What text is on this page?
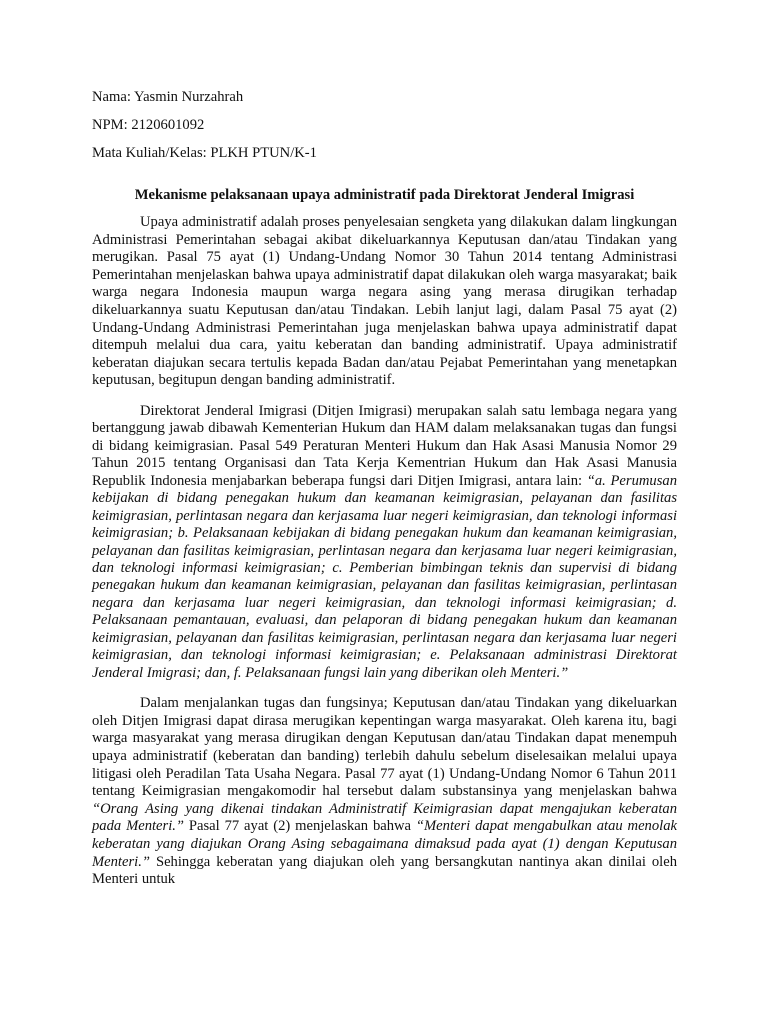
Nama: Yasmin Nurzahrah

NPM: 2120601092

Mata Kuliah/Kelas: PLKH PTUN/K-1

Mekanisme pelaksanaan upaya administratif pada Direktorat Jenderal Imigrasi

Upaya administratif adalah proses penyelesaian sengketa yang dilakukan dalam lingkungan Administrasi Pemerintahan sebagai akibat dikeluarkannya Keputusan dan/atau Tindakan yang merugikan. Pasal 75 ayat (1) Undang-Undang Nomor 30 Tahun 2014 tentang Administrasi Pemerintahan menjelaskan bahwa upaya administratif dapat dilakukan oleh warga masyarakat; baik warga negara Indonesia maupun warga negara asing yang merasa dirugikan terhadap dikeluarkannya suatu Keputusan dan/atau Tindakan. Lebih lanjut lagi, dalam Pasal 75 ayat (2) Undang-Undang Administrasi Pemerintahan juga menjelaskan bahwa upaya administratif dapat ditempuh melalui dua cara, yaitu keberatan dan banding administratif. Upaya administratif keberatan diajukan secara tertulis kepada Badan dan/atau Pejabat Pemerintahan yang menetapkan keputusan, begitupun dengan banding administratif.

Direktorat Jenderal Imigrasi (Ditjen Imigrasi) merupakan salah satu lembaga negara yang bertanggung jawab dibawah Kementerian Hukum dan HAM dalam melaksanakan tugas dan fungsi di bidang keimigrasian. Pasal 549 Peraturan Menteri Hukum dan Hak Asasi Manusia Nomor 29 Tahun 2015 tentang Organisasi dan Tata Kerja Kementrian Hukum dan Hak Asasi Manusia Republik Indonesia menjabarkan beberapa fungsi dari Ditjen Imigrasi, antara lain: “a. Perumusan kebijakan di bidang penegakan hukum dan keamanan keimigrasian, pelayanan dan fasilitas keimigrasian, perlintasan negara dan kerjasama luar negeri keimigrasian, dan teknologi informasi keimigrasian; b. Pelaksanaan kebijakan di bidang penegakan hukum dan keamanan keimigrasian, pelayanan dan fasilitas keimigrasian, perlintasan negara dan kerjasama luar negeri keimigrasian, dan teknologi informasi keimigrasian; c. Pemberian bimbingan teknis dan supervisi di bidang penegakan hukum dan keamanan keimigrasian, pelayanan dan fasilitas keimigrasian, perlintasan negara dan kerjasama luar negeri keimigrasian, dan teknologi informasi keimigrasian; d. Pelaksanaan pemantauan, evaluasi, dan pelaporan di bidang penegakan hukum dan keamanan keimigrasian, pelayanan dan fasilitas keimigrasian, perlintasan negara dan kerjasama luar negeri keimigrasian, dan teknologi informasi keimigrasian; e. Pelaksanaan administrasi Direktorat Jenderal Imigrasi; dan, f. Pelaksanaan fungsi lain yang diberikan oleh Menteri.”

Dalam menjalankan tugas dan fungsinya; Keputusan dan/atau Tindakan yang dikeluarkan oleh Ditjen Imigrasi dapat dirasa merugikan kepentingan warga masyarakat. Oleh karena itu, bagi warga masyarakat yang merasa dirugikan dengan Keputusan dan/atau Tindakan dapat menempuh upaya administratif (keberatan dan banding) terlebih dahulu sebelum diselesaikan melalui upaya litigasi oleh Peradilan Tata Usaha Negara. Pasal 77 ayat (1) Undang-Undang Nomor 6 Tahun 2011 tentang Keimigrasian mengakomodir hal tersebut dalam substansinya yang menjelaskan bahwa “Orang Asing yang dikenai tindakan Administratif Keimigrasian dapat mengajukan keberatan pada Menteri.” Pasal 77 ayat (2) menjelaskan bahwa “Menteri dapat mengabulkan atau menolak keberatan yang diajukan Orang Asing sebagaimana dimaksud pada ayat (1) dengan Keputusan Menteri.” Sehingga keberatan yang diajukan oleh yang bersangkutan nantinya akan dinilai oleh Menteri untuk
